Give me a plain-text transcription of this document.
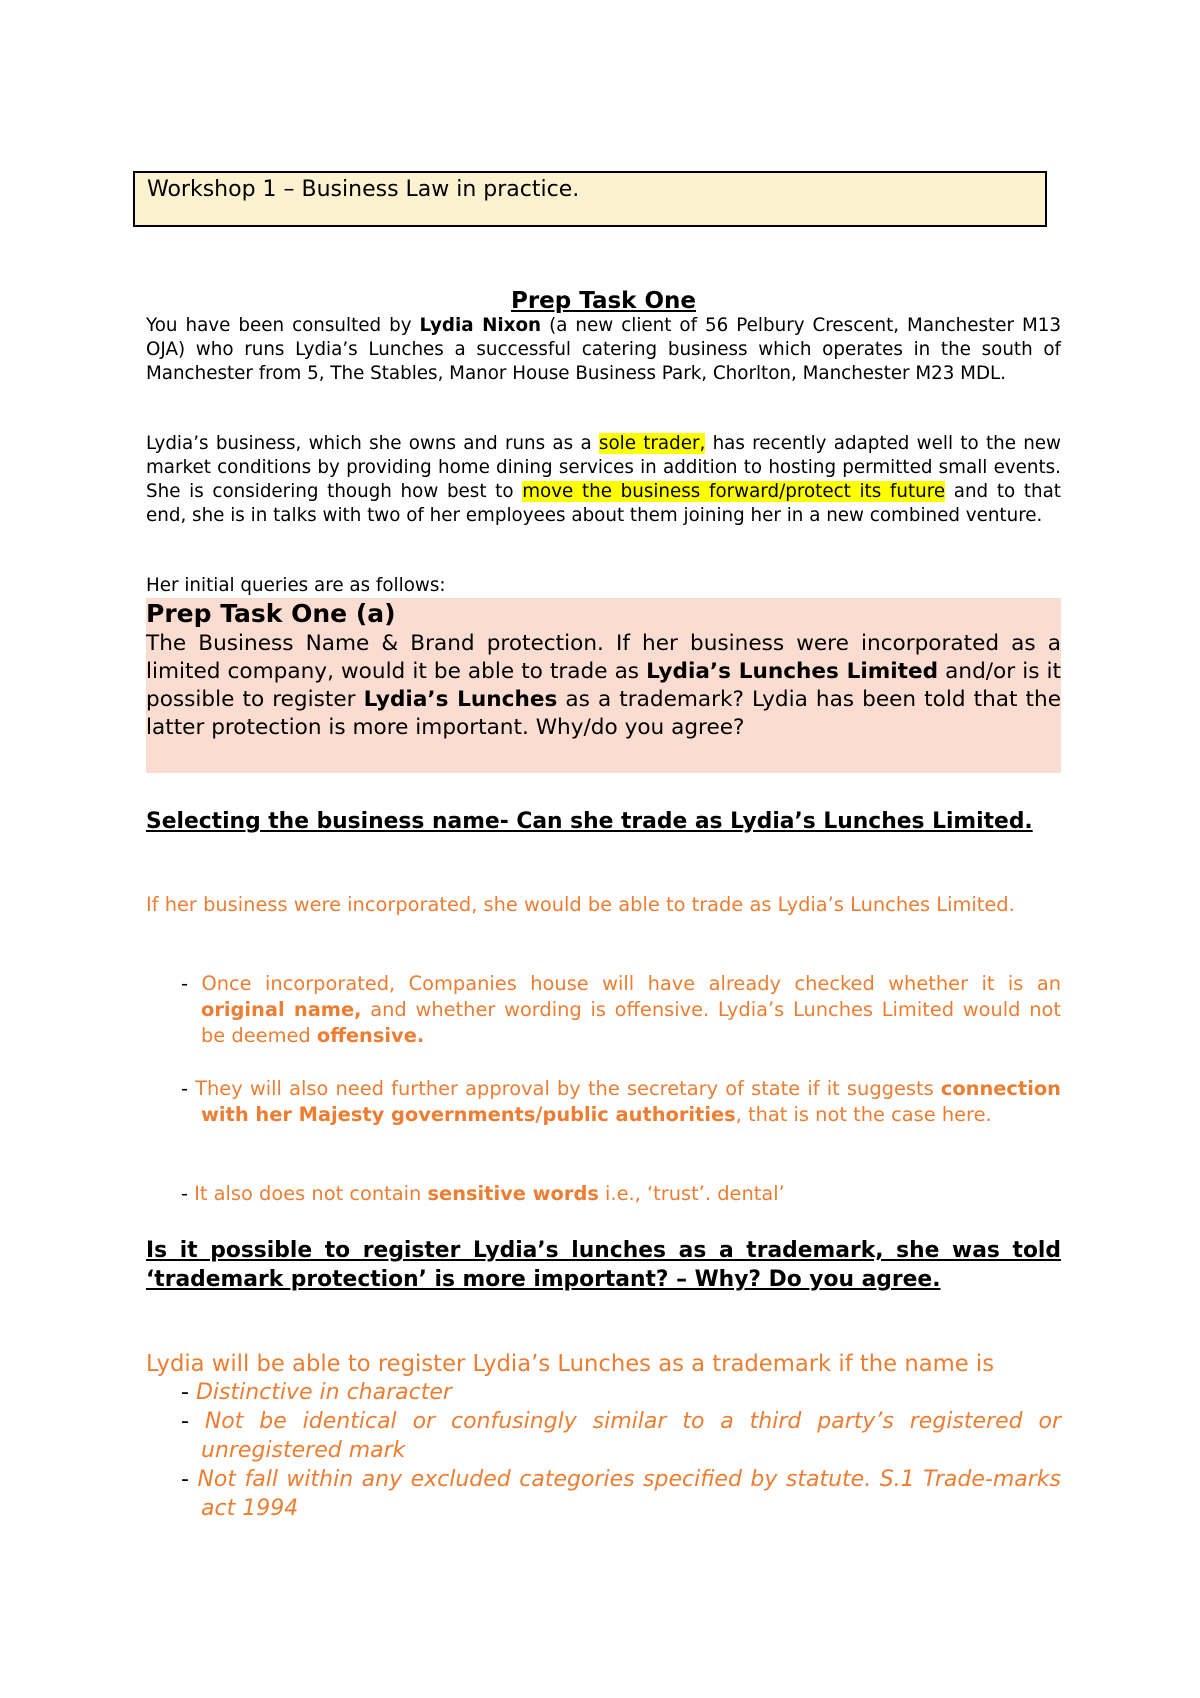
Workshop 1 – Business Law in practice.
Prep Task One

You have been consulted by Lydia Nixon (a new client of 56 Pelbury Crescent, Manchester M13 OJA) who runs Lydia’s Lunches a successful catering business which operates in the south of Manchester from 5, The Stables, Manor House Business Park, Chorlton, Manchester M23 MDL.

Lydia’s business, which she owns and runs as a sole trader, has recently adapted well to the new market conditions by providing home dining services in addition to hosting permitted small events. She is considering though how best to move the business forward/protect its future and to that end, she is in talks with two of her employees about them joining her in a new combined venture.

Her initial queries are as follows:

Prep Task One (a)

The Business Name & Brand protection. If her business were incorporated as a limited company, would it be able to trade as Lydia’s Lunches Limited and/or is it possible to register Lydia’s Lunches as a trademark? Lydia has been told that the latter protection is more important. Why/do you agree?

Selecting the business name- Can she trade as Lydia’s Lunches Limited.

If her business were incorporated, she would be able to trade as Lydia’s Lunches Limited.

- Once incorporated, Companies house will have already checked whether it is an original name, and whether wording is offensive. Lydia’s Lunches Limited would not be deemed offensive.

- They will also need further approval by the secretary of state if it suggests connection with her Majesty governments/public authorities, that is not the case here.

- It also does not contain sensitive words i.e., ‘trust’. dental’

Is it possible to register Lydia’s lunches as a trademark, she was told ‘trademark protection’ is more important? – Why? Do you agree.

Lydia will be able to register Lydia’s Lunches as a trademark if the name is

- Distinctive in character

- Not be identical or confusingly similar to a third party’s registered or unregistered mark

- Not fall within any excluded categories specified by statute. S.1 Trade-marks act 1994
